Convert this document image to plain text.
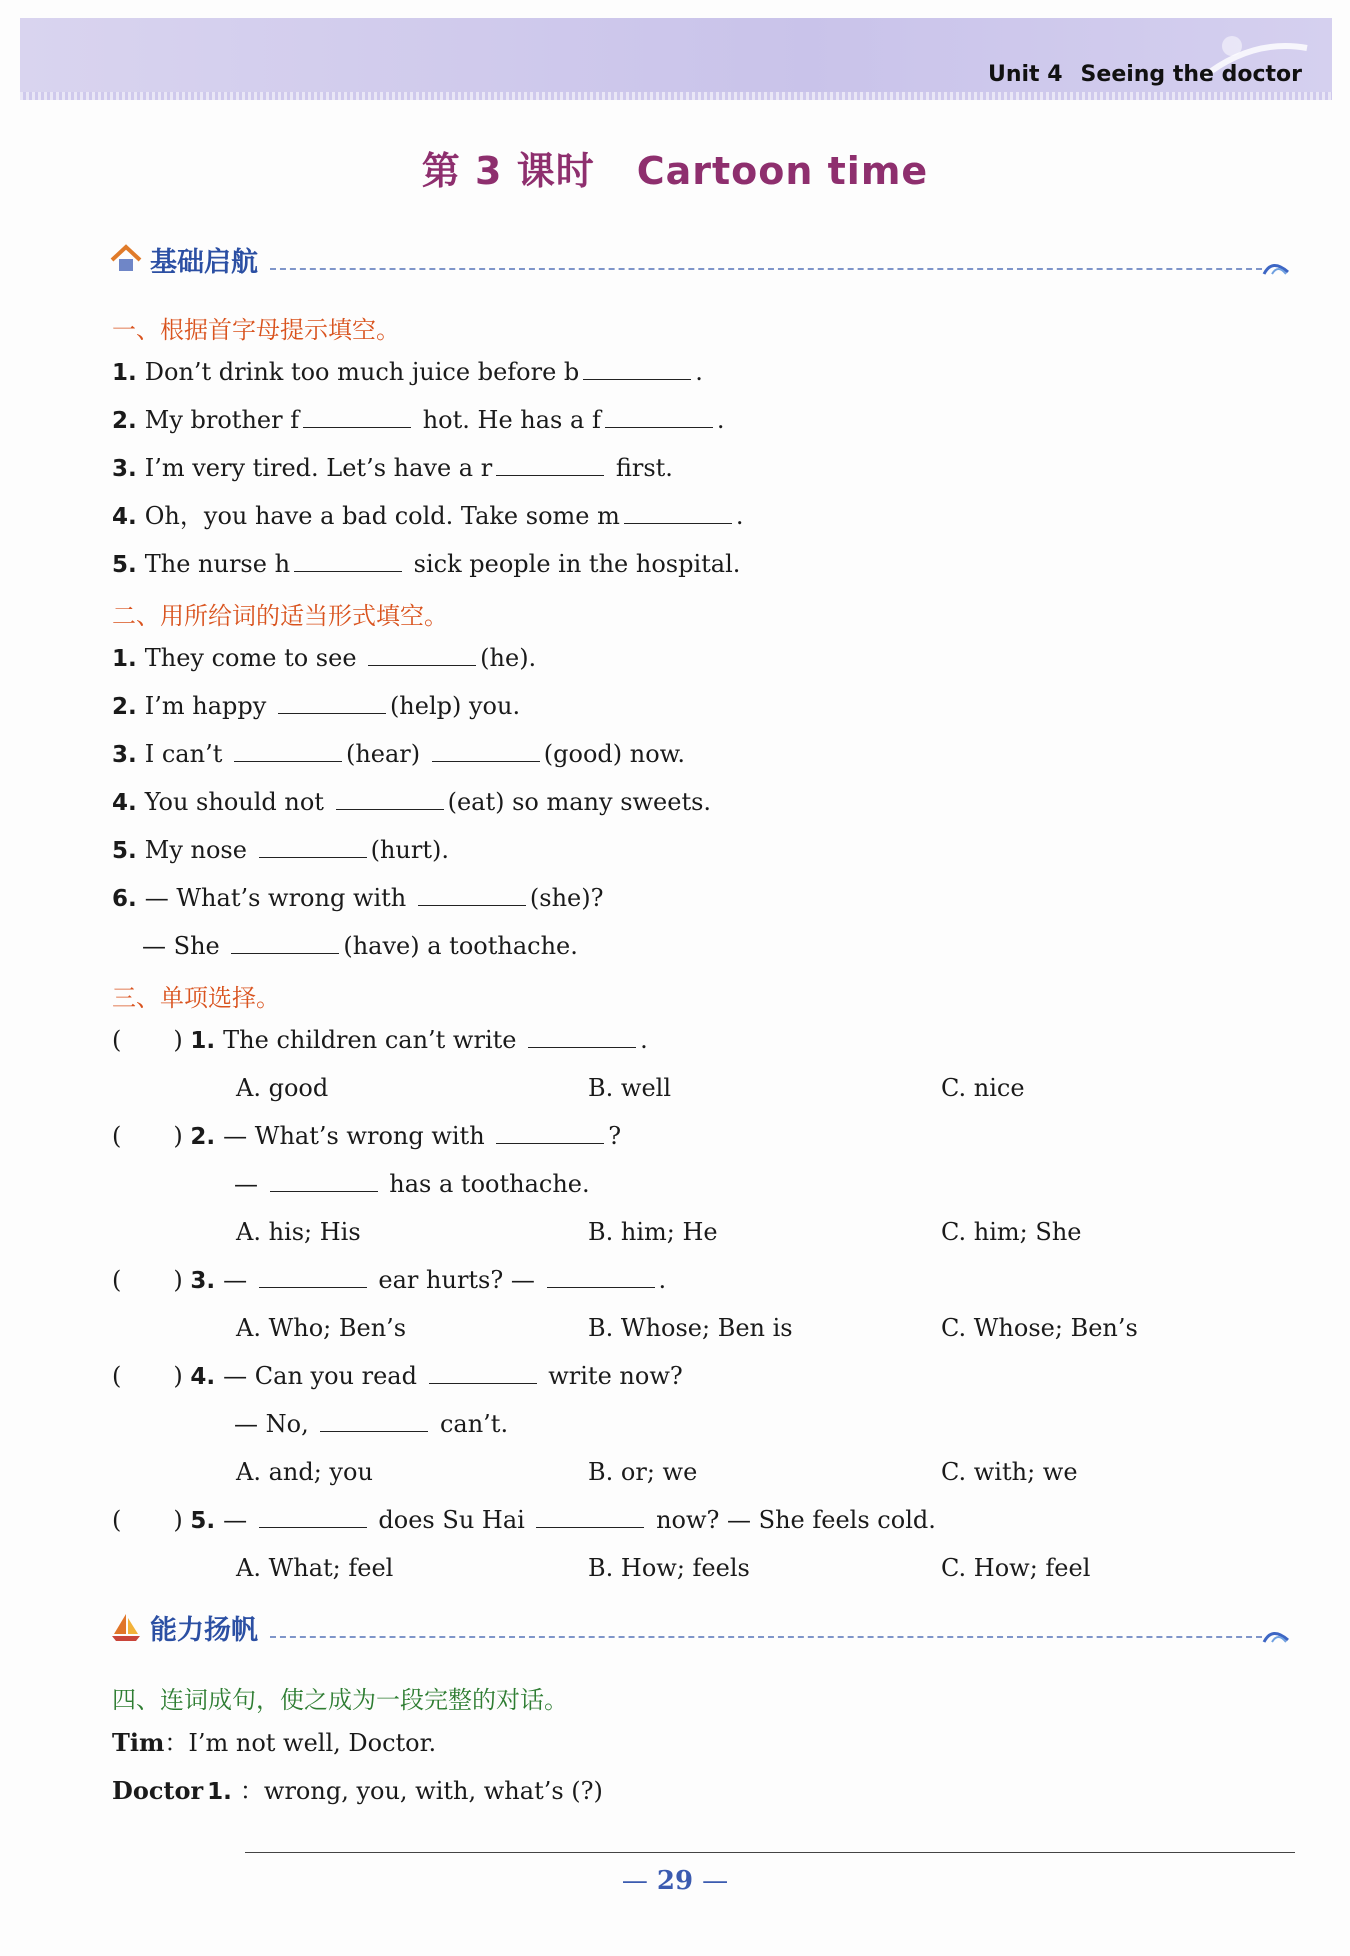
Unit 4 Seeing the doctor
第 3 课时 Cartoon time
基础启航
一、根据首字母提示填空。
1. Don’t drink too much juice before b	.
2. My brother f	hot. He has a f	.
3. I’m very tired. Let’s have a r	first.
4. Oh，you have a bad cold. Take some m	.
5. The nurse h	sick people in the hospital.
二、用所给词的适当形式填空。
1. They come to see	(he).
2. I’m happy	(help) you.
3. I can’t	(hear)	(good) now.
4. You should not	(eat) so many sweets.
5. My nose	(hurt).
6. — What’s wrong with	(she)?
— She	(have) a toothache.
三、单项选择。
( ) 1. The children can’t write	.
A. good	B. well	C. nice
( ) 2. — What’s wrong with	?
—	has a toothache.
A. his; His	B. him; He	C. him; She
( ) 3. —	ear hurts? —	.
A. Who; Ben’s	B. Whose; Ben is	C. Whose; Ben’s
( ) 4. — Can you read	write now?
— No,	can’t.
A. and; you	B. or; we	C. with; we
( ) 5. —	does Su Hai	now? — She feels cold.
A. What; feel	B. How; feels	C. How; feel
能力扬帆
四、连词成句，使之成为一段完整的对话。
Tim：I’m not well, Doctor.
Doctor 1. ：wrong, you, with, what’s (?)
— 29 —
